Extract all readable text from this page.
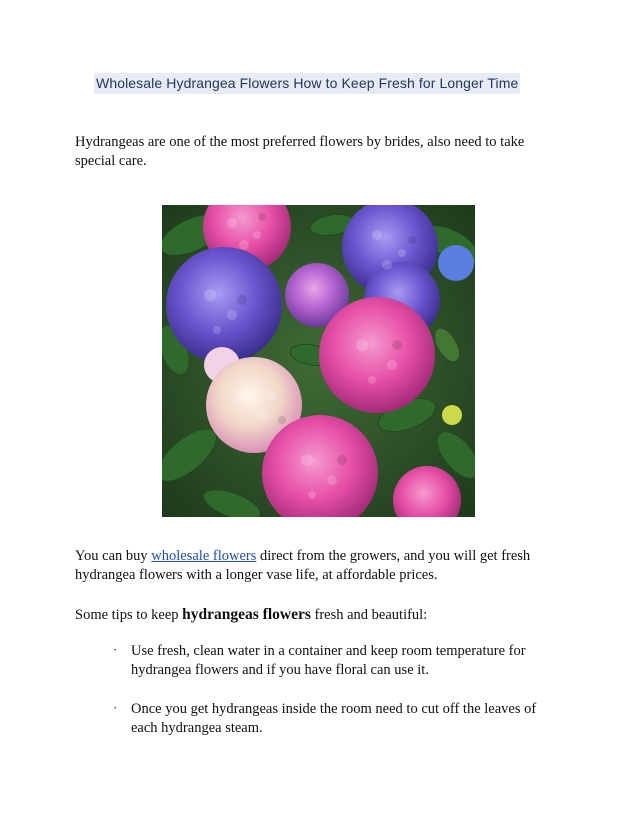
Wholesale Hydrangea Flowers How to Keep Fresh for Longer Time
Hydrangeas are one of the most preferred flowers by brides, also need to take special care.
You can buy wholesale flowers direct from the growers, and you will get fresh hydrangea flowers with a longer vase life, at affordable prices.
Some tips to keep hydrangeas flowers fresh and beautiful:
· Use fresh, clean water in a container and keep room temperature for hydrangea flowers and if you have floral can use it.
· Once you get hydrangeas inside the room need to cut off the leaves of each hydrangea steam.
